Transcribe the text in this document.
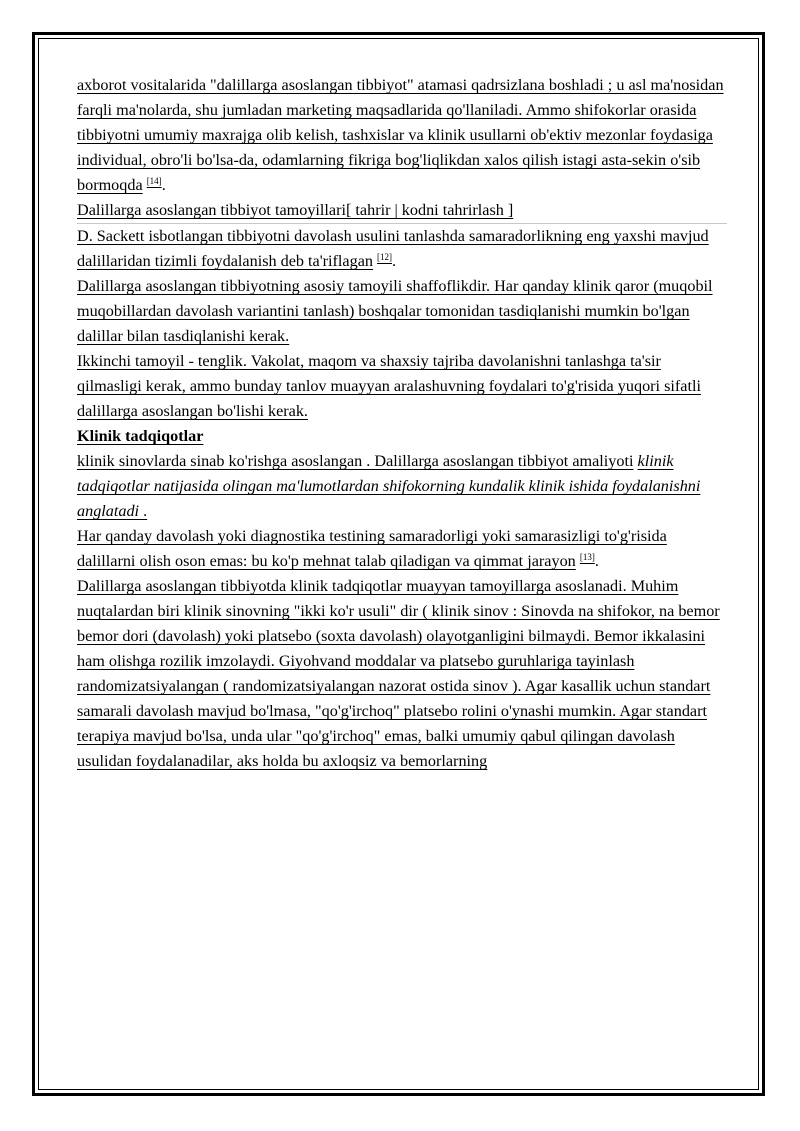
axborot vositalarida "dalillarga asoslangan tibbiyot" atamasi qadrsizlana boshladi ; u asl ma'nosidan farqli ma'nolarda, shu jumladan marketing maqsadlarida qo'llaniladi. Ammo shifokorlar orasida tibbiyotni umumiy maxrajga olib kelish, tashxislar va klinik usullarni ob'ektiv mezonlar foydasiga individual, obro'li bo'lsa-da, odamlarning fikriga bog'liqlikdan xalos qilish istagi asta-sekin o'sib bormoqda [14].

Dalillarga asoslangan tibbiyot tamoyillari[ tahrir | kodni tahrirlash ]

D. Sackett isbotlangan tibbiyotni davolash usulini tanlashda samaradorlikning eng yaxshi mavjud dalillaridan tizimli foydalanish deb ta'riflagan [12].

Dalillarga asoslangan tibbiyotning asosiy tamoyili shaffoflikdir. Har qanday klinik qaror (muqobil muqobillardan davolash variantini tanlash) boshqalar tomonidan tasdiqlanishi mumkin bo'lgan dalillar bilan tasdiqlanishi kerak.

Ikkinchi tamoyil - tenglik. Vakolat, maqom va shaxsiy tajriba davolanishni tanlashga ta'sir qilmasligi kerak, ammo bunday tanlov muayyan aralashuvning foydalari to'g'risida yuqori sifatli dalillarga asoslangan bo'lishi kerak.

Klinik tadqiqotlar

klinik sinovlarda sinab ko'rishga asoslangan . Dalillarga asoslangan tibbiyot amaliyoti klinik tadqiqotlar natijasida olingan ma'lumotlardan shifokorning kundalik klinik ishida foydalanishni anglatadi .

Har qanday davolash yoki diagnostika testining samaradorligi yoki samarasizligi to'g'risida dalillarni olish oson emas: bu ko'p mehnat talab qiladigan va qimmat jarayon [13].

Dalillarga asoslangan tibbiyotda klinik tadqiqotlar muayyan tamoyillarga asoslanadi. Muhim nuqtalardan biri klinik sinovning "ikki ko'r usuli" dir ( klinik sinov : Sinovda na shifokor, na bemor bemor dori (davolash) yoki platsebo (soxta davolash) olayotganligini bilmaydi. Bemor ikkalasini ham olishga rozilik imzolaydi. Giyohvand moddalar va platsebo guruhlariga tayinlash randomizatsiyalangan ( randomizatsiyalangan nazorat ostida sinov ). Agar kasallik uchun standart samarali davolash mavjud bo'lmasa, "qo'g'irchoq" platsebo rolini o'ynashi mumkin. Agar standart terapiya mavjud bo'lsa, unda ular "qo'g'irchoq" emas, balki umumiy qabul qilingan davolash usulidan foydalanadilar, aks holda bu axloqsiz va bemorlarning
